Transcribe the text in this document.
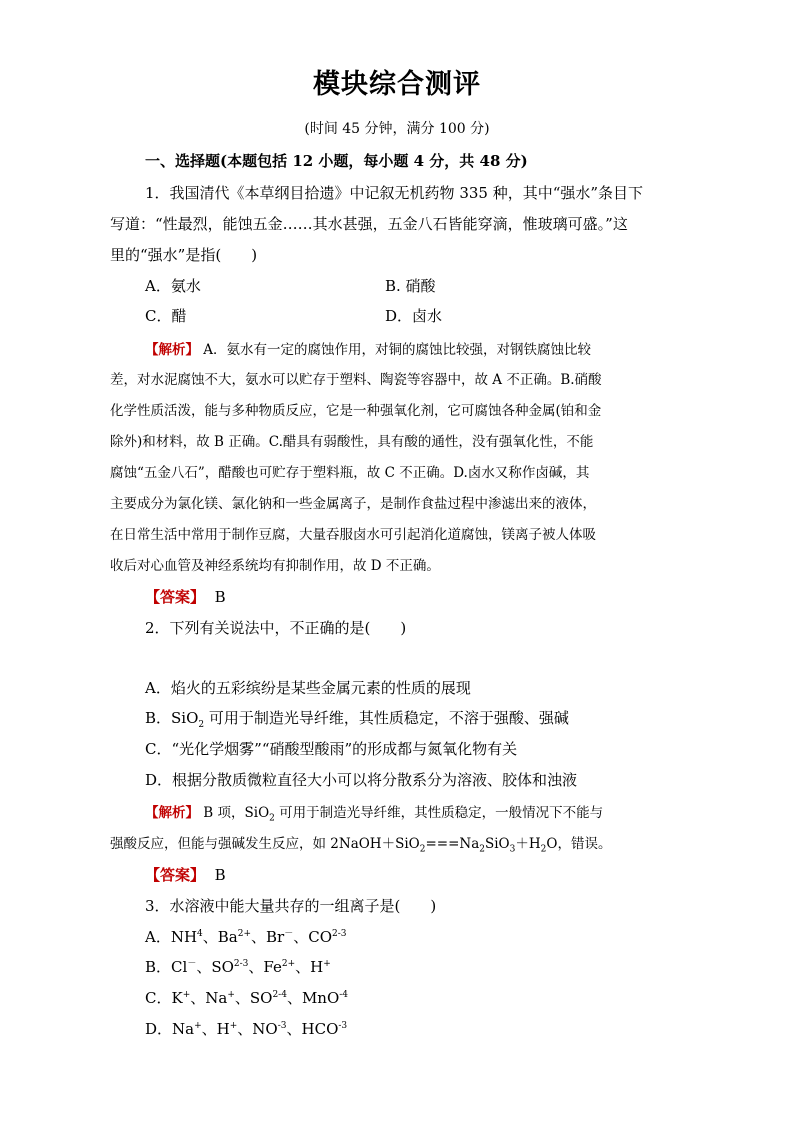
模块综合测评
(时间 45 分钟，满分 100 分)
一、选择题(本题包括 12 小题，每小题 4 分，共 48 分)
1．我国清代《本草纲目拾遗》中记叙无机药物 335 种，其中“强水”条目下
写道：“性最烈，能蚀五金……其水甚强，五金八石皆能穿滴，惟玻璃可盛。”这
里的“强水”是指(　　)
A．氨水	B. 硝酸
C．醋	D．卤水
【解析】 A．氨水有一定的腐蚀作用，对铜的腐蚀比较强，对钢铁腐蚀比较
差，对水泥腐蚀不大，氨水可以贮存于塑料、陶瓷等容器中，故 A 不正确。B.硝酸
化学性质活泼，能与多种物质反应，它是一种强氧化剂，它可腐蚀各种金属(铂和金
除外)和材料，故 B 正确。C.醋具有弱酸性，具有酸的通性，没有强氧化性，不能
腐蚀“五金八石”，醋酸也可贮存于塑料瓶，故 C 不正确。D.卤水又称作卤碱，其
主要成分为氯化镁、氯化钠和一些金属离子，是制作食盐过程中渗滤出来的液体，
在日常生活中常用于制作豆腐，大量吞服卤水可引起消化道腐蚀，镁离子被人体吸
收后对心血管及神经系统均有抑制作用，故 D 不正确。
【答案】 B
2．下列有关说法中，不正确的是(　　)
A．焰火的五彩缤纷是某些金属元素的性质的展现
B．SiO$_2$ 可用于制造光导纤维，其性质稳定，不溶于强酸、强碱
C．“光化学烟雾”“硝酸型酸雨”的形成都与氮氧化物有关
D．根据分散质微粒直径大小可以将分散系分为溶液、胶体和浊液
【解析】 B 项，SiO$_2$ 可用于制造光导纤维，其性质稳定，一般情况下不能与
强酸反应，但能与强碱发生反应，如 $2NaOH+SiO_2===Na_2SiO_3+H_2O$，错误。
【答案】 B
3．水溶液中能大量共存的一组离子是(　　)
A．$NH^4$、$Ba^{2+}$、Br－、CO$^{2-3}$
B．Cl－、SO$^{2-3}$、$Fe^{2+}$、H+
C．K+、Na+、SO$^{2-4}$、MnO$^{-4}$
D．Na+、H+、$NO^{-3}$、$HCO^{-3}$
